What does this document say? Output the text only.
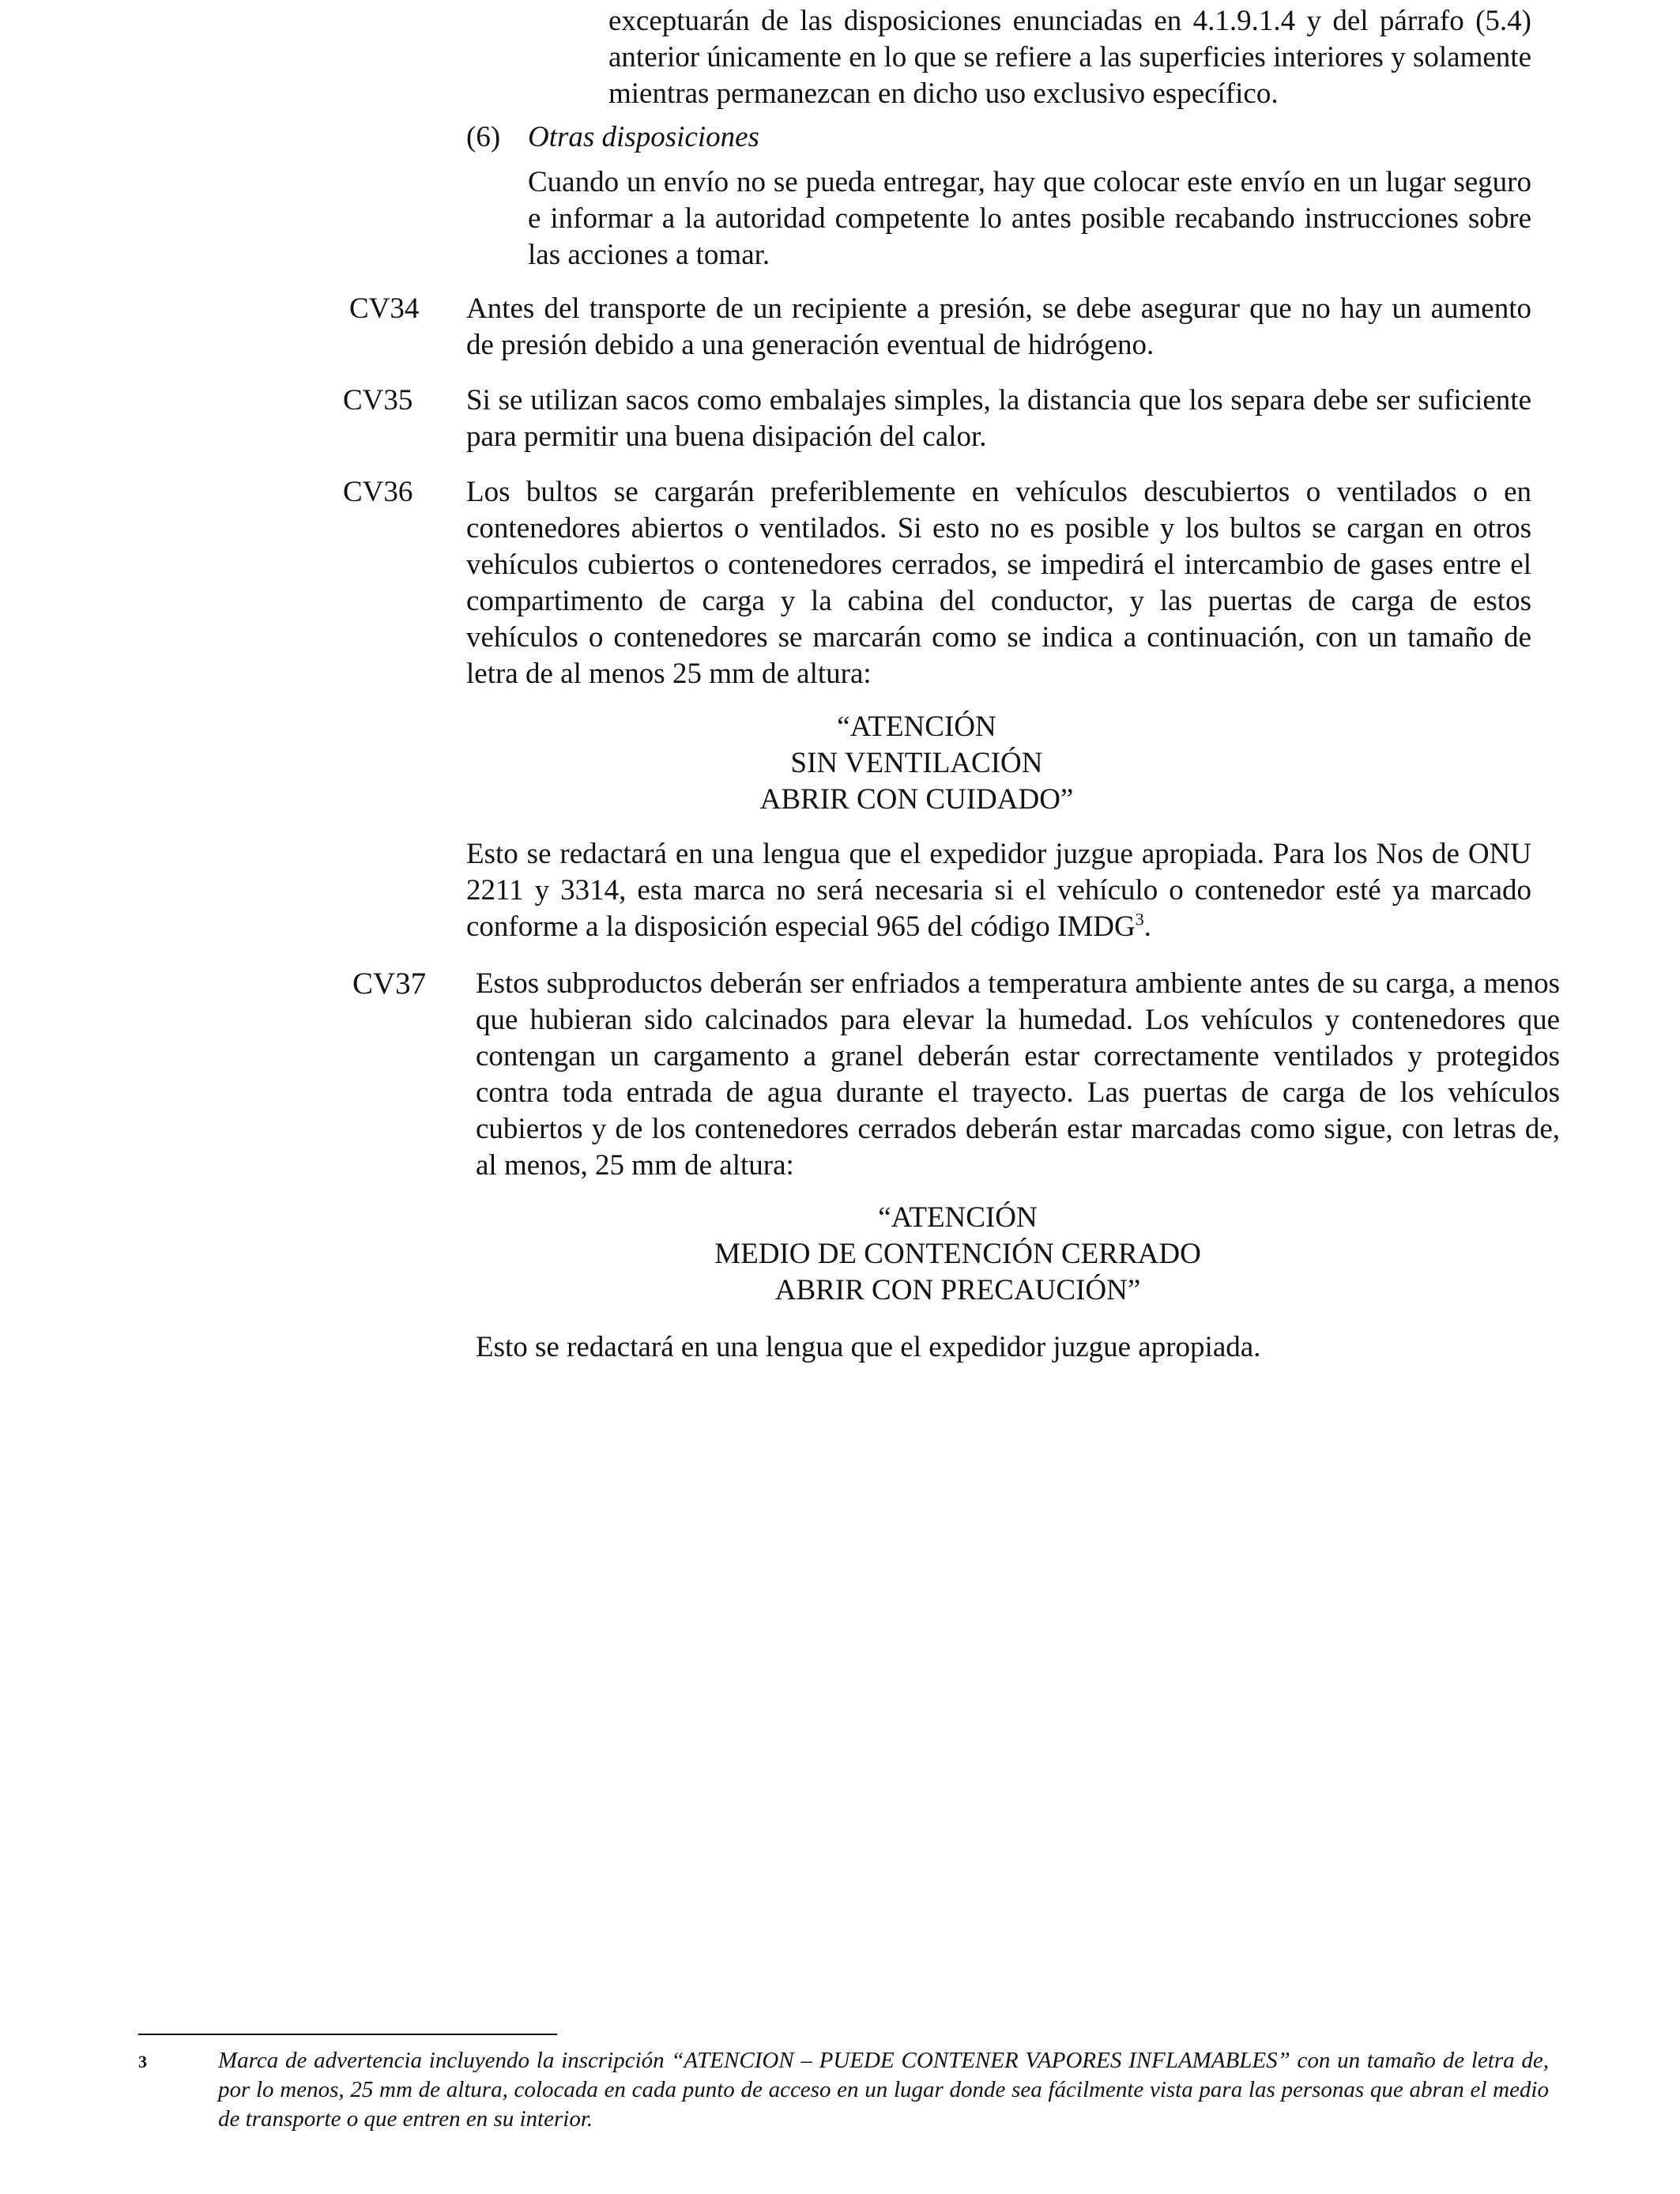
exceptuarán de las disposiciones enunciadas en 4.1.9.1.4 y del párrafo (5.4) anterior únicamente en lo que se refiere a las superficies interiores y solamente mientras permanezcan en dicho uso exclusivo específico.

(6) Otras disposiciones

Cuando un envío no se pueda entregar, hay que colocar este envío en un lugar seguro e informar a la autoridad competente lo antes posible recabando instrucciones sobre las acciones a tomar.

CV34 Antes del transporte de un recipiente a presión, se debe asegurar que no hay un aumento de presión debido a una generación eventual de hidrógeno.

CV35 Si se utilizan sacos como embalajes simples, la distancia que los separa debe ser suficiente para permitir una buena disipación del calor.

CV36 Los bultos se cargarán preferiblemente en vehículos descubiertos o ventilados o en contenedores abiertos o ventilados. Si esto no es posible y los bultos se cargan en otros vehículos cubiertos o contenedores cerrados, se impedirá el intercambio de gases entre el compartimento de carga y la cabina del conductor, y las puertas de carga de estos vehículos o contenedores se marcarán como se indica a continuación, con un tamaño de letra de al menos 25 mm de altura:

“ATENCIÓN
SIN VENTILACIÓN
ABRIR CON CUIDADO”

Esto se redactará en una lengua que el expedidor juzgue apropiada. Para los Nos de ONU 2211 y 3314, esta marca no será necesaria si el vehículo o contenedor esté ya marcado conforme a la disposición especial 965 del código IMDG$^3$.

CV37 Estos subproductos deberán ser enfriados a temperatura ambiente antes de su carga, a menos que hubieran sido calcinados para elevar la humedad. Los vehículos y contenedores que contengan un cargamento a granel deberán estar correctamente ventilados y protegidos contra toda entrada de agua durante el trayecto. Las puertas de carga de los vehículos cubiertos y de los contenedores cerrados deberán estar marcadas como sigue, con letras de, al menos, 25 mm de altura:

“ATENCIÓN
MEDIO DE CONTENCIÓN CERRADO
ABRIR CON PRECAUCIÓN”

Esto se redactará en una lengua que el expedidor juzgue apropiada.

3	Marca de advertencia incluyendo la inscripción “ATENCION – PUEDE CONTENER VAPORES INFLAMABLES” con un tamaño de letra de, por lo menos, 25 mm de altura, colocada en cada punto de acceso en un lugar donde sea fácilmente vista para las personas que abran el medio de transporte o que entren en su interior.
